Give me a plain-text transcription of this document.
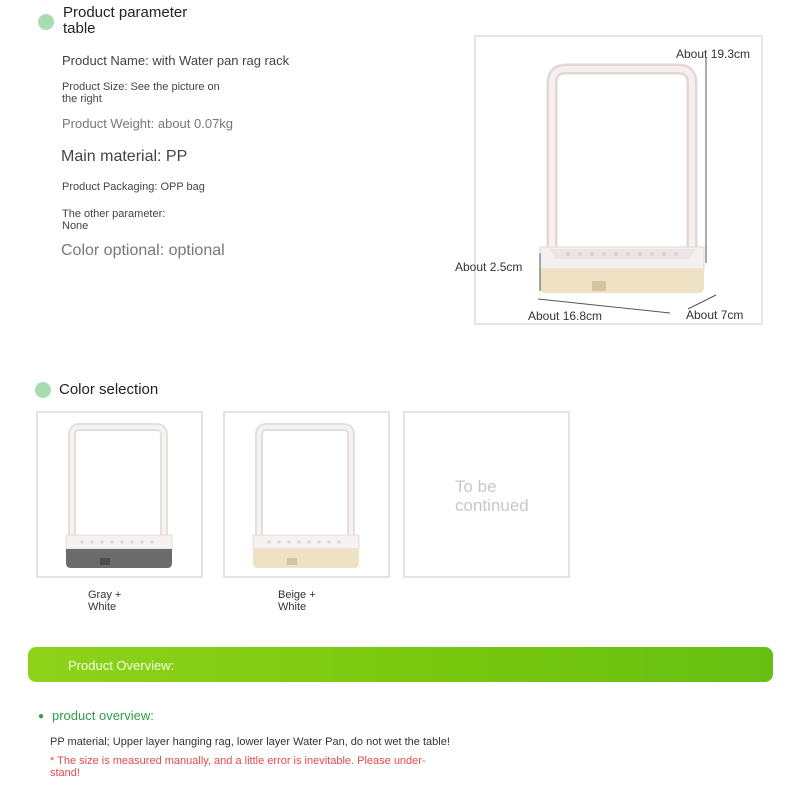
Product parameter
table
Product Name: with Water pan rag rack
Product Size: See the picture on
the right
Product Weight: about 0.07kg
Main material: PP
Product Packaging: OPP bag
The other parameter:
None
Color optional: optional
About 19.3cm
About 2.5cm
About 16.8cm	About 7cm
Color selection
To be
continued
Gray +
White
Beige +
White
Product Overview:
● product overview:
PP material; Upper layer hanging rag, lower layer Water Pan, do not wet the table!
* The size is measured manually, and a little error is inevitable. Please under-
stand!
